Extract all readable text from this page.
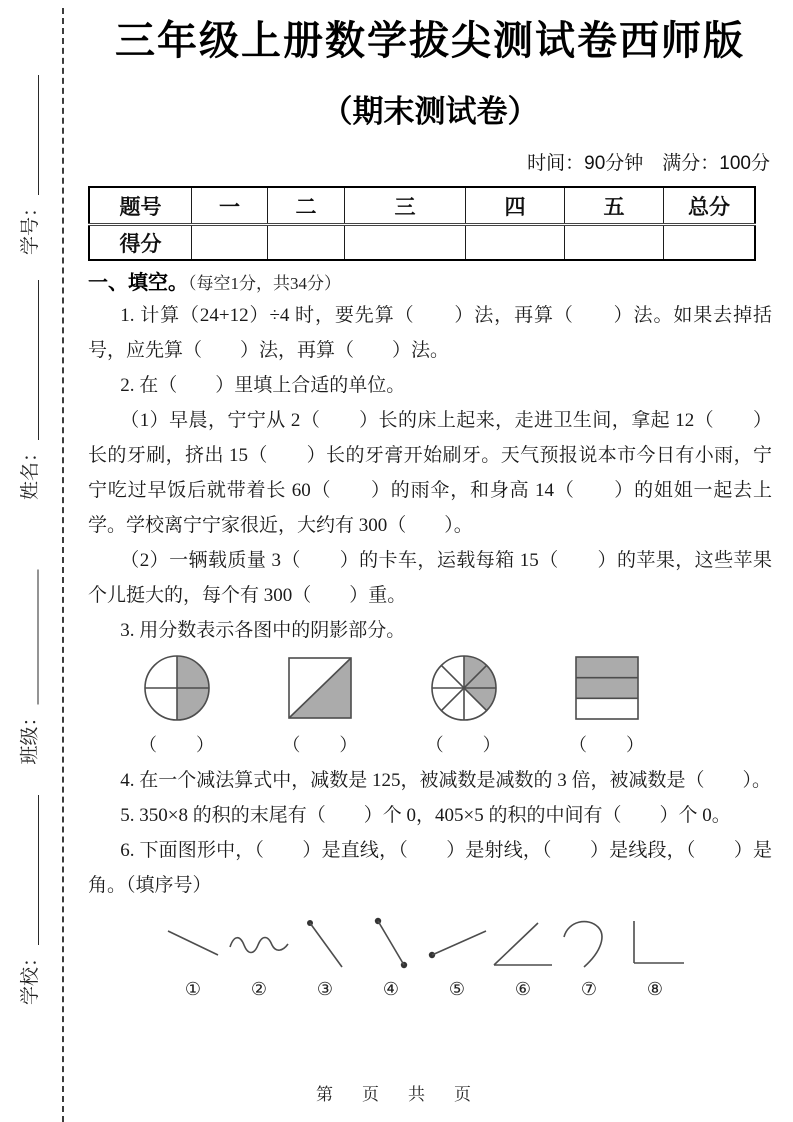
学号：
姓名：
班级：
学校：
三年级上册数学拔尖测试卷西师版
（期末测试卷）
时间：90分钟　满分：100分
题号	一	二	三	四	五	总分
得分						
一、填空。（每空1分，共34分）

1. 计算（24+12）÷4 时，要先算（　　）法，再算（　　）法。如果去掉括号，应先算（　　）法，再算（　　）法。

2. 在（　　）里填上合适的单位。

（1）早晨，宁宁从 2（　　）长的床上起来，走进卫生间，拿起 12（　　）长的牙刷，挤出 15（　　）长的牙膏开始刷牙。天气预报说本市今日有小雨，宁宁吃过早饭后就带着长 60（　　）的雨伞，和身高 14（　　）的姐姐一起去上学。学校离宁宁家很近，大约有 300（　　）。

（2）一辆载质量 3（　　）的卡车，运载每箱 15（　　）的苹果，这些苹果个儿挺大的，每个有 300（　　）重。

3. 用分数表示各图中的阴影部分。

（　　）	（　　）	（　　）	（　　）

4. 在一个减法算式中，减数是 125，被减数是减数的 3 倍，被减数是（　　）。

5. 350×8 的积的末尾有（　　）个 0，405×5 的积的中间有（　　）个 0。

6. 下面图形中，（　　）是直线，（　　）是射线，（　　）是线段，（　　）是角。（填序号）

①	②	③	④	⑤	⑥	⑦	⑧
第　页　共　页
